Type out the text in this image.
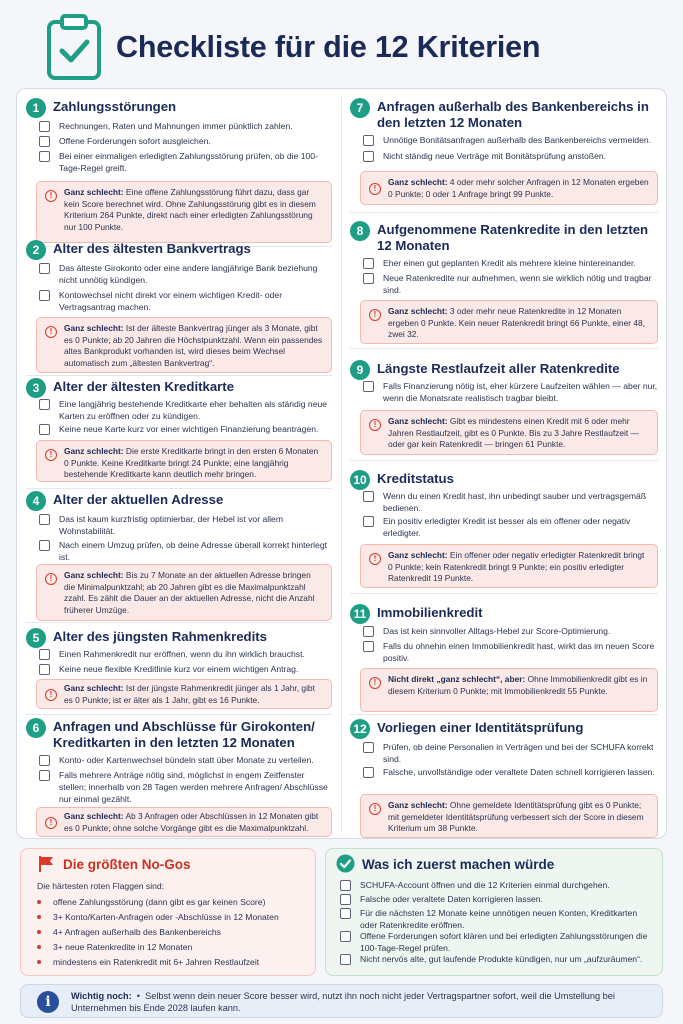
Checkliste für die 12 Kriterien
1	Zahlungsstörungen
Rechnungen, Raten und Mahnungen immer pünktlich zahlen.
Offene Forderungen sofort ausgleichen.
Bei einer einmaligen erledigten Zahlungsstörung prüfen, ob die 100-Tage-Regel greift.
!	Ganz schlecht: Eine offene Zahlungsstörung führt dazu, dass gar kein Score berechnet wird. Ohne Zahlungsstörung gibt es in diesem Kriterium 264 Punkte, direkt nach einer erledigten Zahlungsstörung nur 100 Punkte.
2	Alter des ältesten Bankvertrags
Das älteste Girokonto oder eine andere langjährige Bank beziehung nicht unnötig kündigen.
Kontowechsel nicht direkt vor einem wichtigen Kredit- oder Vertragsantrag machen.
!	Ganz schlecht: Ist der älteste Bankvertrag jünger als 3 Monate, gibt es 0 Punkte; ab 20 Jahren die Höchstpunktzahl. Wenn ein passendes altes Bankprodukt vorhanden ist, wird dieses beim Wechsel automatisch zum „ältesten Bankvertrag“.
3	Alter der ältesten Kreditkarte
Eine langjährig bestehende Kreditkarte eher behalten als ständig neue Karten zu eröffnen oder zu kündigen.
Keine neue Karte kurz vor einer wichtigen Finanzierung beantragen.
!	Ganz schlecht: Die erste Kreditkarte bringt in den ersten 6 Monaten 0 Punkte. Keine Kreditkarte bringt 24 Punkte; eine langjährig bestehende Kreditkarte kann deutlich mehr bringen.
4	Alter der aktuellen Adresse
Das ist kaum kurzfristig optimierbar, der Hebel ist vor allem Wohnstabilität.
Nach einem Umzug prüfen, ob deine Adresse überall korrekt hinterlegt ist.
!	Ganz schlecht: Bis zu 7 Monate an der aktuellen Adresse bringen die Minimalpunktzahl; ab 20 Jahren gibt es die Maximalpunktzahl zzahl. Es zählt die Dauer an der aktuellen Adresse, nicht die Anzahl früherer Umzüge.
5	Alter des jüngsten Rahmenkredits
Einen Rahmenkredit nur eröffnen, wenn du ihn wirklich brauchst.
Keine neue flexible Kreditlinie kurz vor einem wichtigen Antrag.
!
Ganz schlecht: Ist der jüngste Rahmenkredit jünger als 1 Jahr, gibt es 0 Punkte; ist er älter als 1 Jahr, gibt es 16 Punkte.
6	Anfragen und Abschlüsse für Girokonten/ Kreditkarten in den letzten 12 Monaten
Konto- oder Kartenwechsel bündeln statt über Monate zu verteilen.
Falls mehrere Anträge nötig sind, möglichst in engem Zeitfenster stellen; innerhalb von 28 Tagen werden mehrere Anfragen/ Abschlüsse nur einmal gezählt.
!
Ganz schlecht: Ab 3 Anfragen oder Abschlüssen in 12 Monaten gibt es 0 Punkte; ohne solche Vorgänge gibt es die Maximalpunktzahl.
7	Anfragen außerhalb des Bankenbereichs in den letzten 12 Monaten
Unnötige Bonitätsanfragen außerhalb des Bankenbereichs vermeiden.
Nicht ständig neue Verträge mit Bonitätsprüfung anstoßen.
!
Ganz schlecht: 4 oder mehr solcher Anfragen in 12 Monaten ergeben 0 Punkte; 0 oder 1 Anfrage bringt 99 Punkte.
8	Aufgenommene Ratenkredite in den letzten 12 Monaten
Eher einen gut geplanten Kredit als mehrere kleine hintereinander.
Neue Ratenkredite nur aufnehmen, wenn sie wirklich nötig und tragbar sind.
!	Ganz schlecht: 3 oder mehr neue Ratenkredite in 12 Monaten ergeben 0 Punkte. Kein neuer Ratenkredit bringt 66 Punkte, einer 48, zwei 32.
9	Längste Restlaufzeit aller Ratenkredite
Falls Finanzierung nötig ist, eher kürzere Laufzeiten wählen — aber nur, wenn die Monatsrate realistisch tragbar bleibt.
!	Ganz schlecht: Gibt es mindestens einen Kredit mit 6 oder mehr Jahren Restlaufzeit, gibt es 0 Punkte. Bis zu 3 Jahre Restlaufzeit — oder gar kein Ratenkredit — bringen 61 Punkte.
10 Kreditstatus
Wenn du einen Kredit hast, ihn unbedingt sauber und vertragsgemäß bedienen.
Ein positiv erledigter Kredit ist besser als ein offener oder negativ erledigter.
!	Ganz schlecht: Ein offener oder negativ erledigter Ratenkredit bringt 0 Punkte; kein Ratenkredit bringt 9 Punkte; ein positiv erledigter Ratenkredit 19 Punkte.
11 Immobilienkredit
Das ist kein sinnvoller Alltags-Hebel zur Score-Optimierung.
Falls du ohnehin einen Immobilienkredit hast, wirkt das im neuen Score positiv.
!	Nicht direkt „ganz schlecht“, aber: Ohne Immobilienkredit gibt es in diesem Kriterium 0 Punkte; mit Immobilienkredit 55 Punkte.
12 Vorliegen einer Identitätsprüfung
Prüfen, ob deine Personalien in Verträgen und bei der SCHUFA korrekt sind.
Falsche, unvollständige oder veraltete Daten schnell korrigieren lassen.
!	Ganz schlecht: Ohne gemeldete Identitätsprüfung gibt es 0 Punkte; mit gemeldeter Identitätsprüfung verbessert sich der Score in diesem Kriterium um 38 Punkte.
Die größten No-Gos
Die härtesten roten Flaggen sind:
offene Zahlungsstörung (dann gibt es gar keinen Score)
3+ Konto/Karten-Anfragen oder -Abschlüsse in 12 Monaten
4+ Anfragen außerhalb des Bankenbereichs
3+ neue Ratenkredite in 12 Monaten
mindestens ein Ratenkredit mit 6+ Jahren Restlaufzeit
Was ich zuerst machen würde
SCHUFA-Account öffnen und die 12 Kriterien einmal durchgehen.
Falsche oder veraltete Daten korrigieren lassen.
Für die nächsten 12 Monate keine unnötigen neuen Konten, Kreditkarten oder Ratenkredite eröffnen.
Offene Forderungen sofort klären und bei erledigten Zahlungsstörungen die 100-Tage-Regel prüfen.
Nicht nervös alte, gut laufende Produkte kündigen, nur um „aufzuräumen“.
i	Wichtig noch: • Selbst wenn dein neuer Score besser wird, nutzt ihn noch nicht jeder Vertragspartner sofort, weil die Umstellung bei Unternehmen bis Ende 2028 laufen kann.
